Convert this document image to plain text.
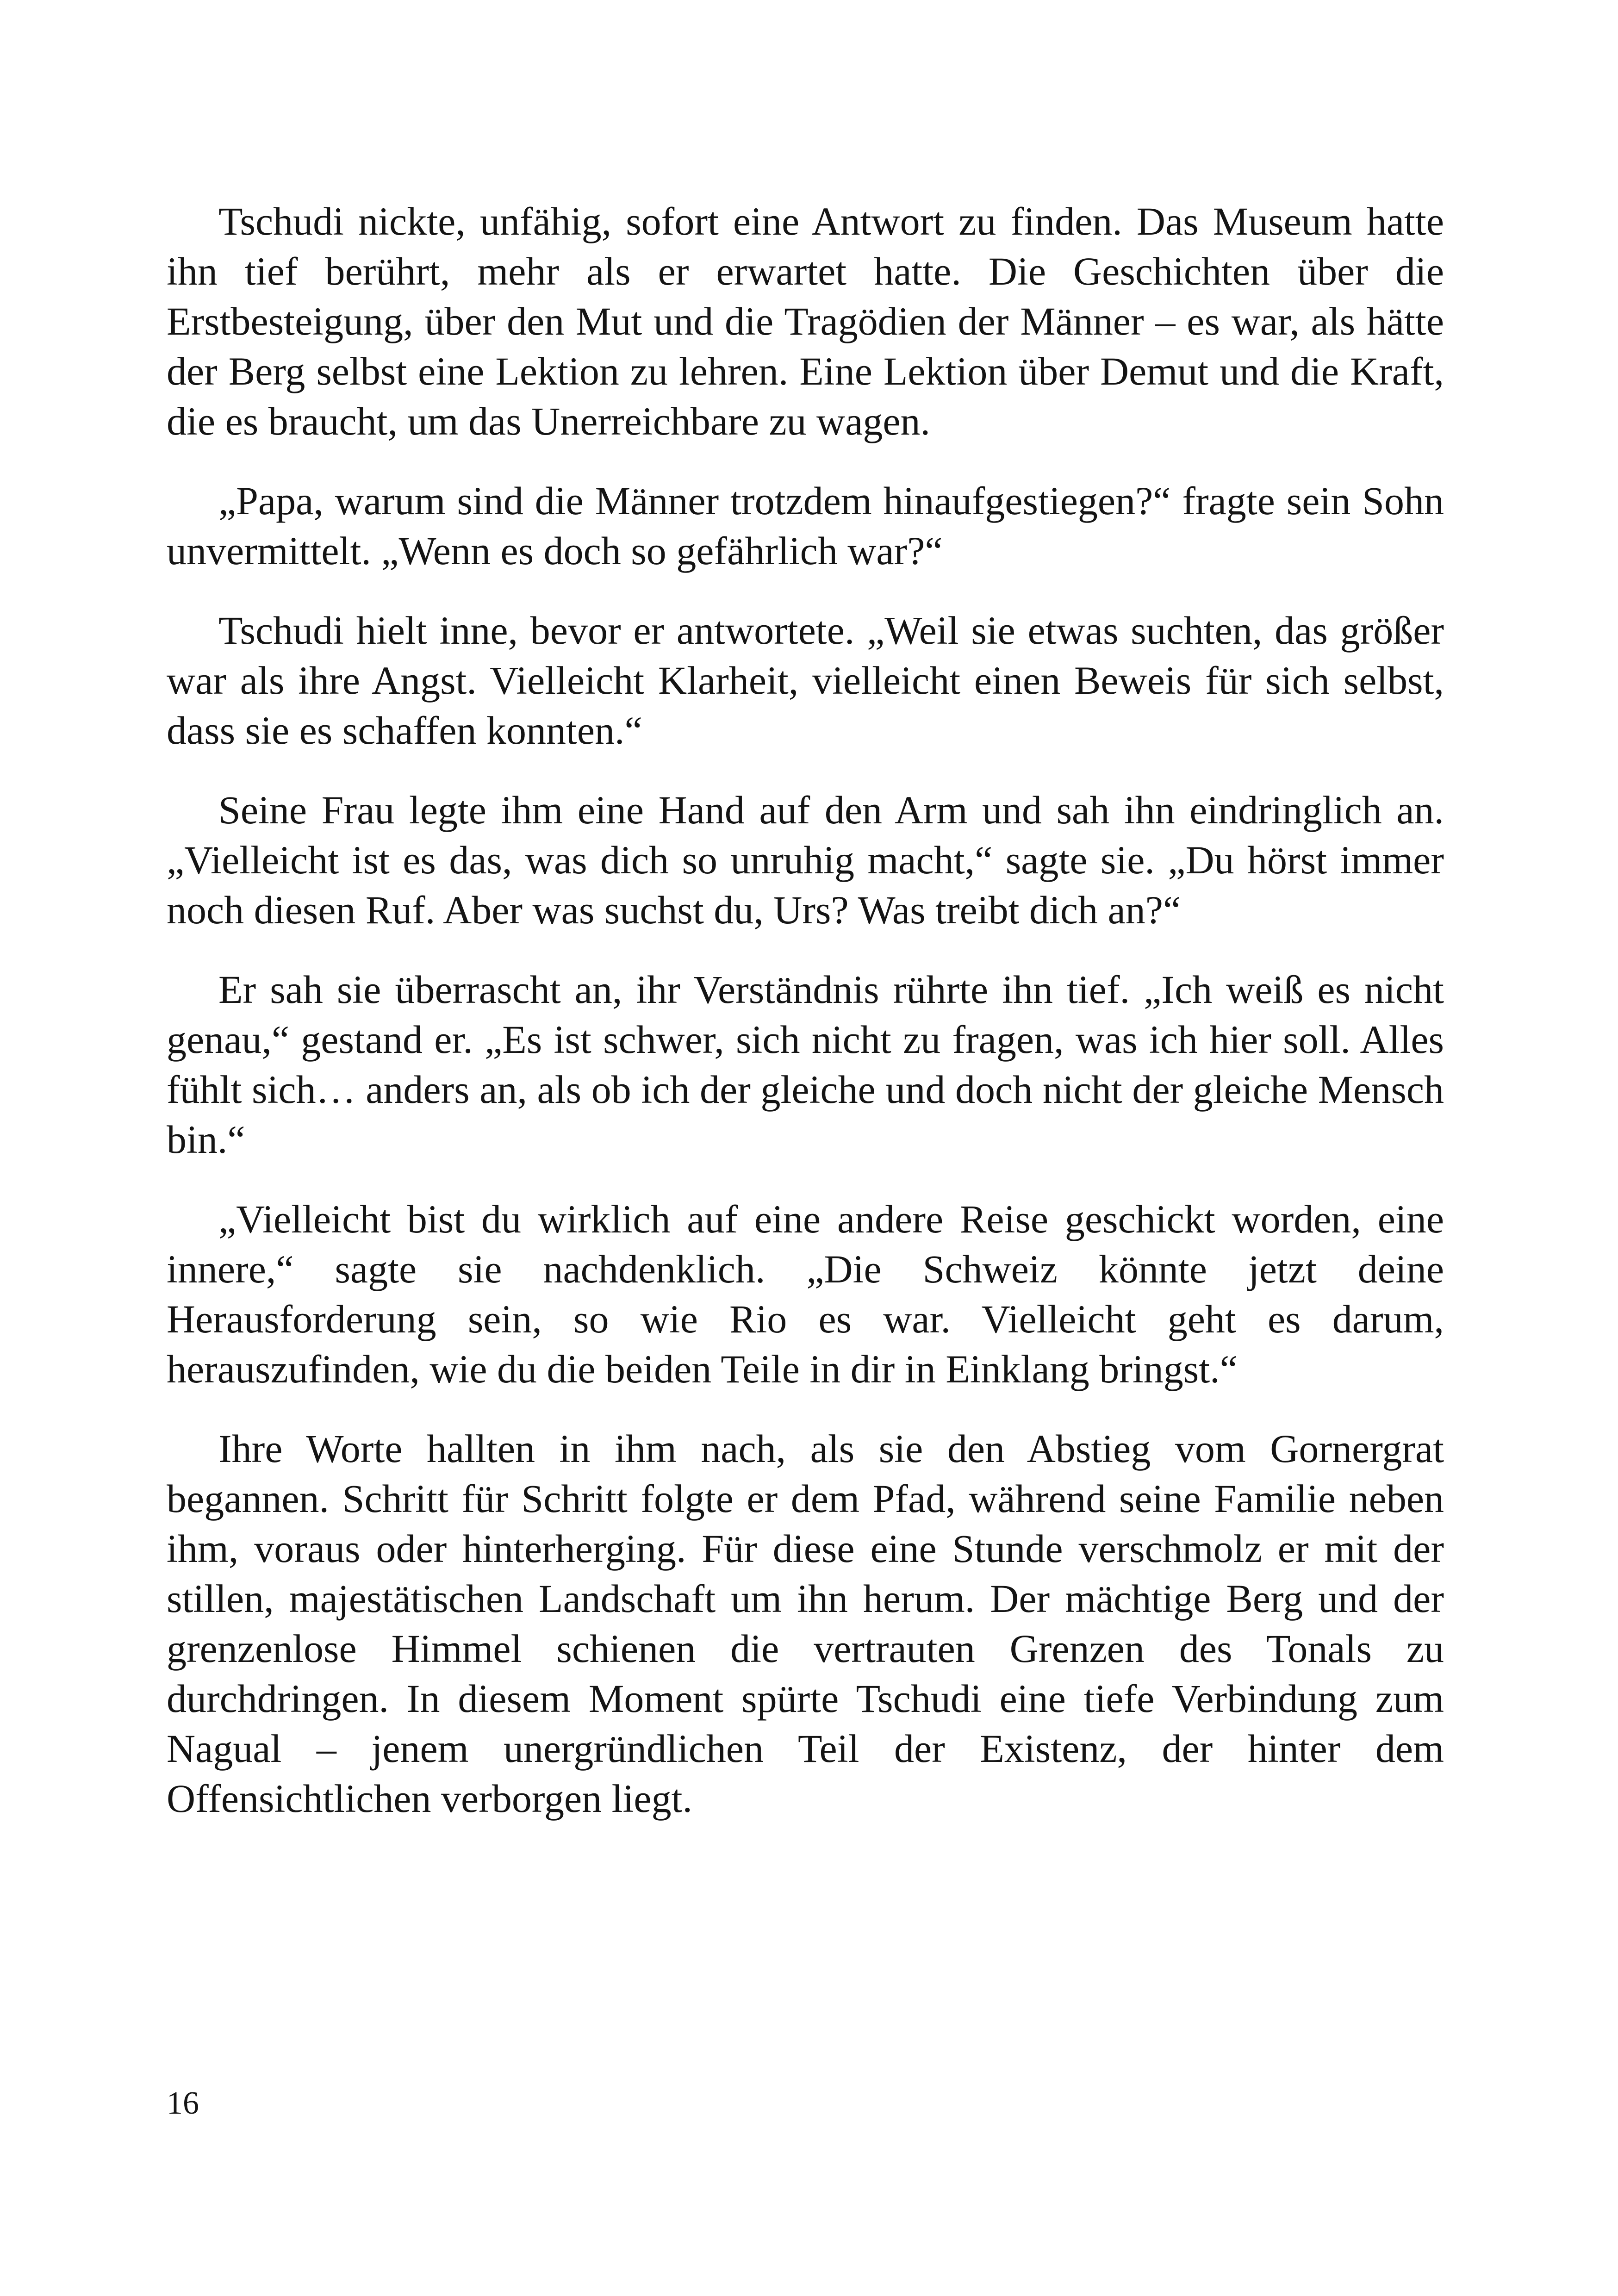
Tschudi nickte, unfähig, sofort eine Antwort zu finden. Das Museum hatte ihn tief berührt, mehr als er erwartet hatte. Die Geschichten über die Erstbesteigung, über den Mut und die Tragödien der Männer – es war, als hätte der Berg selbst eine Lektion zu lehren. Eine Lektion über Demut und die Kraft, die es braucht, um das Unerreichbare zu wagen.

„Papa, warum sind die Männer trotzdem hinaufgestiegen?“ fragte sein Sohn unvermittelt. „Wenn es doch so gefährlich war?“

Tschudi hielt inne, bevor er antwortete. „Weil sie etwas suchten, das größer war als ihre Angst. Vielleicht Klarheit, vielleicht einen Beweis für sich selbst, dass sie es schaffen konnten.“

Seine Frau legte ihm eine Hand auf den Arm und sah ihn eindringlich an. „Vielleicht ist es das, was dich so unruhig macht,“ sagte sie. „Du hörst immer noch diesen Ruf. Aber was suchst du, Urs? Was treibt dich an?“

Er sah sie überrascht an, ihr Verständnis rührte ihn tief. „Ich weiß es nicht genau,“ gestand er. „Es ist schwer, sich nicht zu fragen, was ich hier soll. Alles fühlt sich… anders an, als ob ich der gleiche und doch nicht der gleiche Mensch bin.“

„Vielleicht bist du wirklich auf eine andere Reise geschickt worden, eine innere,“ sagte sie nachdenklich. „Die Schweiz könnte jetzt deine Herausforderung sein, so wie Rio es war. Vielleicht geht es darum, herauszufinden, wie du die beiden Teile in dir in Einklang bringst.“

Ihre Worte hallten in ihm nach, als sie den Abstieg vom Gornergrat begannen. Schritt für Schritt folgte er dem Pfad, während seine Familie neben ihm, voraus oder hinterherging. Für diese eine Stunde verschmolz er mit der stillen, majestätischen Landschaft um ihn herum. Der mächtige Berg und der grenzenlose Himmel schienen die vertrauten Grenzen des Tonals zu durchdringen. In diesem Moment spürte Tschudi eine tiefe Verbindung zum Nagual – jenem unergründlichen Teil der Existenz, der hinter dem Offensichtlichen verborgen liegt.

16
